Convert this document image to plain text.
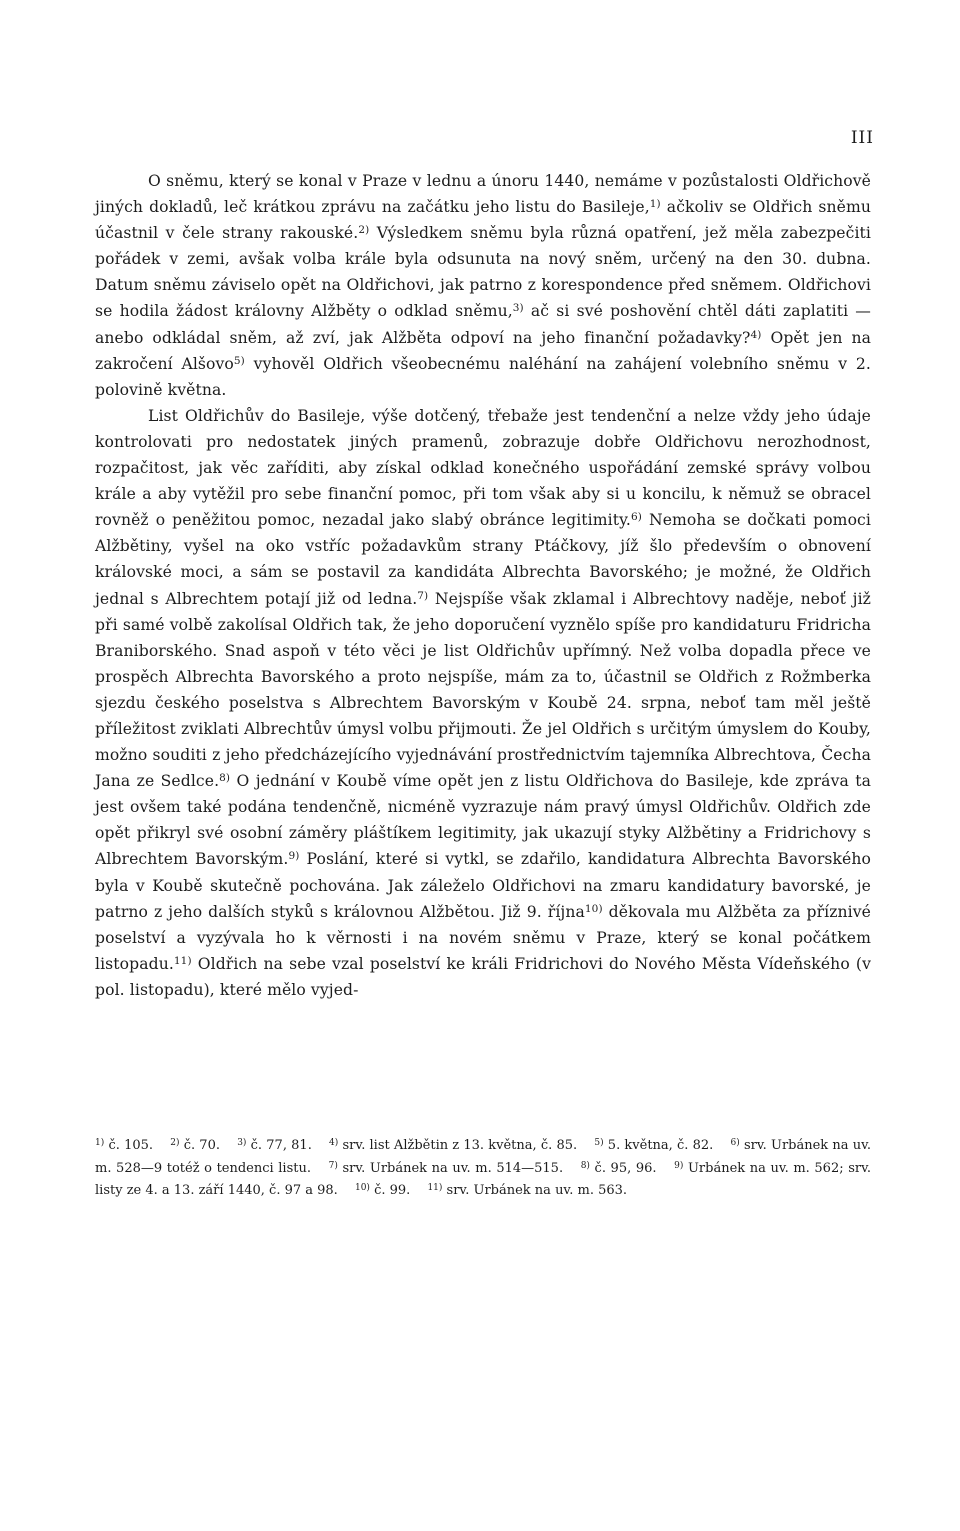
III

O sněmu, který se konal v Praze v lednu a únoru 1440, nemáme v pozůstalosti Oldřichově jiných dokladů, leč krátkou zprávu na začátku jeho listu do Basileje,$^{1)}$ ačkoliv se Oldřich sněmu účastnil v čele strany rakouské.$^{2)}$ Výsledkem sněmu byla různá opatření, jež měla zabezpečiti pořádek v zemi, avšak volba krále byla odsunuta na nový sněm, určený na den 30. dubna. Datum sněmu záviselo opět na Oldřichovi, jak patrno z korespondence před sněmem. Oldřichovi se hodila žádost královny Alžběty o odklad sněmu,$^{3)}$ ač si své poshovění chtěl dáti zaplatiti — anebo odkládal sněm, až zví, jak Alžběta odpoví na jeho finanční požadavky?$^{4)}$ Opět jen na zakročení Alšovo$^{5)}$ vyhověl Oldřich všeobecnému naléhání na zahájení volebního sněmu v 2. polovině května.

List Oldřichův do Basileje, výše dotčený, třebaže jest tendenční a nelze vždy jeho údaje kontrolovati pro nedostatek jiných pramenů, zobrazuje dobře Oldřichovu nerozhodnost, rozpačitost, jak věc zaříditi, aby získal odklad konečného uspořádání zemské správy volbou krále a aby vytěžil pro sebe finanční pomoc, při tom však aby si u koncilu, k němuž se obracel rovněž o peněžitou pomoc, nezadal jako slabý obránce legitimity.$^{6)}$ Nemoha se dočkati pomoci Alžbětiny, vyšel na oko vstříc požadavkům strany Ptáčkovy, jíž šlo především o obnovení královské moci, a sám se postavil za kandidáta Albrechta Bavorského; je možné, že Oldřich jednal s Albrechtem potají již od ledna.$^{7)}$ Nejspíše však zklamal i Albrechtovy naděje, neboť již při samé volbě zakolísal Oldřich tak, že jeho doporučení vyznělo spíše pro kandidaturu Fridricha Braniborského. Snad aspoň v této věci je list Oldřichův upřímný. Než volba dopadla přece ve prospěch Albrechta Bavorského a proto nejspíše, mám za to, účastnil se Oldřich z Rožmberka sjezdu českého poselstva s Albrechtem Bavorským v Koubě 24. srpna, neboť tam měl ještě příležitost zviklati Albrechtův úmysl volbu přijmouti. Že jel Oldřich s určitým úmyslem do Kouby, možno souditi z jeho předcházejícího vyjednávání prostřednictvím tajemníka Albrechtova, Čecha Jana ze Sedlce.$^{8)}$ O jednání v Koubě víme opět jen z listu Oldřichova do Basileje, kde zpráva ta jest ovšem také podána tendenčně, nicméně vyzrazuje nám pravý úmysl Oldřichův. Oldřich zde opět přikryl své osobní záměry pláštíkem legitimity, jak ukazují styky Alžbětiny a Fridrichovy s Albrechtem Bavorským.$^{9)}$ Poslání, které si vytkl, se zdařilo, kandidatura Albrechta Bavorského byla v Koubě skutečně pochována. Jak záleželo Oldřichovi na zmaru kandidatury bavorské, je patrno z jeho dalších styků s královnou Alžbětou. Již 9. října$^{10)}$ děkovala mu Alžběta za příznivé poselství a vyzývala ho k věrnosti i na novém sněmu v Praze, který se konal počátkem listopadu.$^{11)}$ Oldřich na sebe vzal poselství ke králi Fridrichovi do Nového Města Vídeňského (v pol. listopadu), které mělo vyjed-

$^{1)}$ č. 105.  $^{2)}$ č. 70.  $^{3)}$ č. 77, 81.  $^{4)}$ srv. list Alžbětin z 13. května, č. 85.  $^{5)}$ 5. května, č. 82.  $^{6)}$ srv. Urbánek na uv. m. 528—9 totéž o tendenci listu.  $^{7)}$ srv. Urbánek na uv. m. 514—515.  $^{8)}$ č. 95, 96.  $^{9)}$ Urbánek na uv. m. 562; srv. listy ze 4. a 13. září 1440, č. 97 a 98.  $^{10)}$ č. 99.  $^{11)}$ srv. Urbánek na uv. m. 563.
